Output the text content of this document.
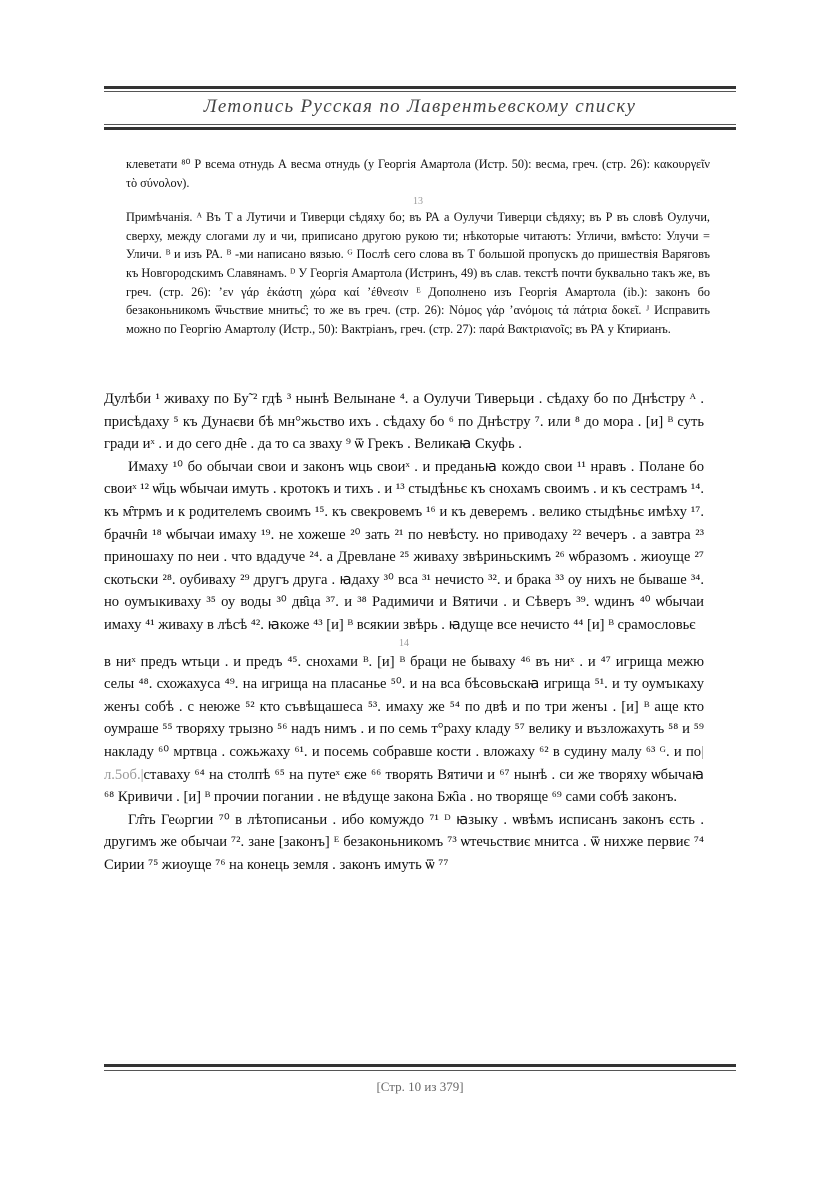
Летопись Русская по Лаврентьевскому списку

клеветати ⁸⁰ Р всема отнудь А весма отнудь (у Георгія Амартола (Истр. 50): весма, греч. (стр. 26): κακουργεῖν τὸ σύνολον).

13

Примѣчанія. ᴬ Въ Т а Лутичи и Тиверци сѣдяху бо; въ РА а Оулучи Тиверци сѣдяху; въ Р въ словѣ Оулучи, сверху, между слогами лу и чи, приписано другою рукою ти; нѣкоторые читаютъ: Угличи, вмѣсто: Улучи = Уличи. ᴮ и изъ РА. ᴮ -ми написано вязью. ᴳ Послѣ сего слова въ Т большой пропускъ до пришествія Варяговъ къ Новгородскимъ Славянамъ. ᴰ У Георгія Амартола (Истринъ, 49) въ слав. текстѣ почти буквально такъ же, въ греч. (стр. 26): ʼεν γάρ ἑκάστη χώρα καί ʼέθνεσιν ᴱ Дополнено изъ Георгія Амартола (ib.): законъ бо безаконьникомъ ѿчьствие мнитьс̑; то же въ греч. (стр. 26): Νόμος γάρ ʼανόμοις τά πάτρια δοκεῖ. ᴶ Исправить можно по Георгію Амартолу (Истр., 50): Вактріанъ, греч. (стр. 27): παρά Βακτριανοῖς; въ РА у Ктирианъ.

Дулѣби ¹ живаху по Бу̃ ² гдѣ ³ нынѣ Велынане ⁴. а Оулучи Тиверьци . сѣдаху бо по Днѣстру ᴬ . присѣдаху ⁵ къ Дунаєви бѣ мн°жьство ихъ . сѣдаху бо ⁶ по Днѣстру ⁷. или ⁸ до мора . [и] ᴮ суть гради иˣ . и до сего дн̑е . да то са зваху ⁹ ѿ Грекъ . Великаꙗ Скуфь .

Имаху ¹⁰ бо обычаи свои и законъ ѡць своиˣ . и преданьꙗ кождо свои ¹¹ нравъ . Полане бо своиˣ ¹² ѡ҃ць ѡбычаи имуть . кротокъ и тихъ . и ¹³ стыдѣньє къ снохамъ своимъ . и къ сестрамъ ¹⁴. къ м̑трмъ и к родителемъ своимъ ¹⁵. къ свекровемъ ¹⁶ и къ деверемъ . велико стыдѣньє имѣху ¹⁷. брачн̑и ¹⁸ ѡбычаи имаху ¹⁹. не хожеше ²⁰ зать ²¹ по невѣсту. но приводаху ²² вечеръ . а завтра ²³ приношаху по неи . что вдадуче ²⁴. а Древлане ²⁵ живаху звѣриньскимъ ²⁶ ѡбразомъ . жиоуще ²⁷ скотьски ²⁸. оубиваху ²⁹ другъ друга . ꙗдаху ³⁰ вса ³¹ нечисто ³². и брака ³³ оу нихъ не бываше ³⁴. но оумъıкиваху ³⁵ оу воды ³⁰ дв̑ца ³⁷. и ³⁸ Радимичи и Вятичи . и Сѣверъ ³⁹. ѡдинъ ⁴⁰ ѡбычаи имаху ⁴¹ живаху в лѣсѣ ⁴². ꙗкоже ⁴³ [и] ᴮ всякии звѣрь . ꙗдуще все нечисто ⁴⁴ [и] ᴮ срамословьє

14

в ниˣ предъ ѡтьци . и предъ ⁴⁵. снохами ᴮ. [и] ᴮ браци не бываху ⁴⁶ въ ниˣ . и ⁴⁷ игрища межю селы ⁴⁸. схожахуса ⁴⁹. на игрища на пласанье ⁵⁰. и на вса бѣсовьскаꙗ игрища ⁵¹. и ту оумъıкаху женъı собѣ . с неюже ⁵² кто съвѣщашеса ⁵³. имаху же ⁵⁴ по двѣ и по три женъı . [и] ᴮ аще кто оумраше ⁵⁵ творяху трызно ⁵⁶ надъ нимъ . и по семь т°раху кладу ⁵⁷ велику и възложахуть ⁵⁸ и ⁵⁹ накладу ⁶⁰ мртвца . сожьжаху ⁶¹. и посемь собравше кости . вложаху ⁶² в судину малу ⁶³ ᴳ. и по|л.5об.|ставаху ⁶⁴ на столпѣ ⁶⁵ на путеˣ єже ⁶⁶ творять Вятичи и ⁶⁷ нынѣ . си же творяху ѡбычаꙗ ⁶⁸ Кривичи . [и] ᴮ прочии погании . не вѣдуще закона Бж̑ıа . но творяще ⁶⁹ сами собѣ законъ.

Гл̑ть Геωргии ⁷⁰ в лѣтописаньи . ибо комуждо ⁷¹ ᴰ ꙗзыку . ѡвѣмъ исписанъ законъ єсть . другимъ же обычаи ⁷². зане [законъ] ᴱ безаконьникомъ ⁷³ ѡтечьствиє мнитса . ѿ нихже первиє ⁷⁴ Сирии ⁷⁵ жиоуще ⁷⁶ на конець земля . законъ имуть ѿ ⁷⁷

[Стр. 10 из 379]
